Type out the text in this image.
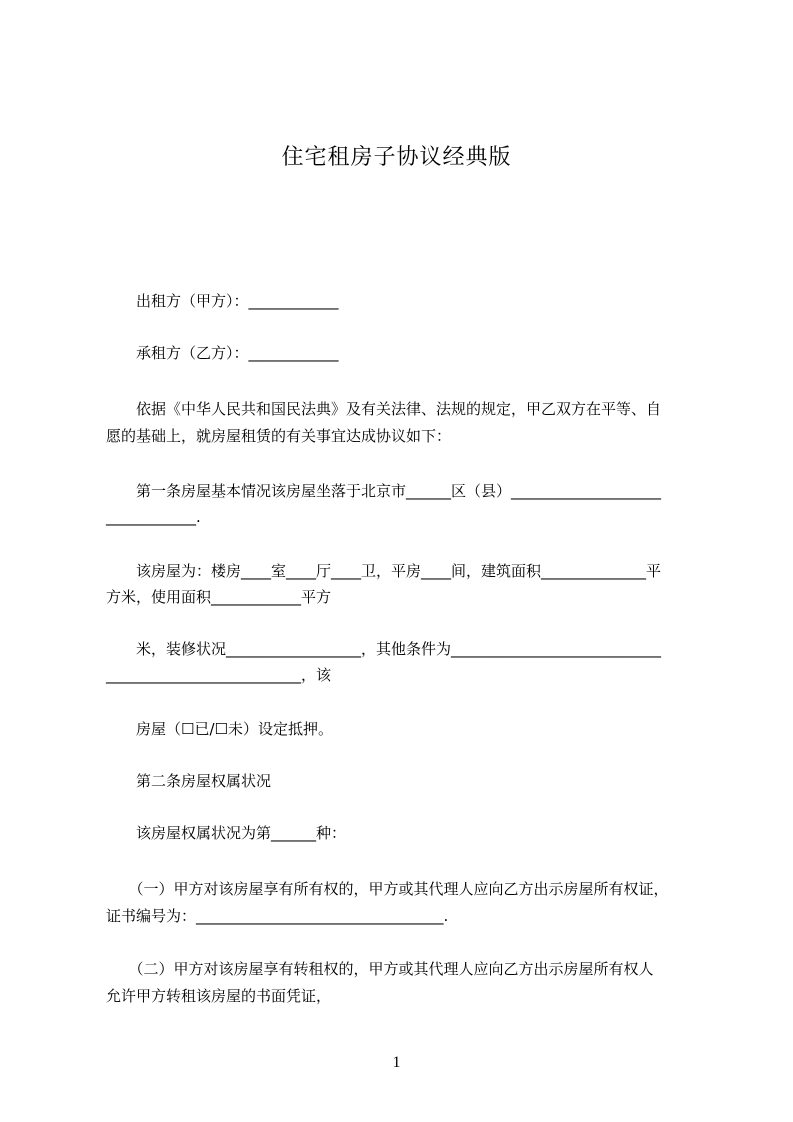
住宅租房子协议经典版
　　出租方（甲方）：____________
　　承租方（乙方）：____________
　　依据《中华人民共和国民法典》及有关法律、法规的规定，甲乙双方在平等、自
愿的基础上，就房屋租赁的有关事宜达成协议如下：
　　第一条房屋基本情况该房屋坐落于北京市______区（县）____________________
____________.
　　该房屋为：楼房____室____厅____卫，平房____间，建筑面积______________平
方米，使用面积____________平方
　　米，装修状况__________________，其他条件为____________________________
__________________________，该
　　房屋（☐已/☐未）设定抵押。
　　第二条房屋权属状况
　　该房屋权属状况为第______种：
　　（一）甲方对该房屋享有所有权的，甲方或其代理人应向乙方出示房屋所有权证，
证书编号为：_________________________________.
　　（二）甲方对该房屋享有转租权的，甲方或其代理人应向乙方出示房屋所有权人
允许甲方转租该房屋的书面凭证，
1
